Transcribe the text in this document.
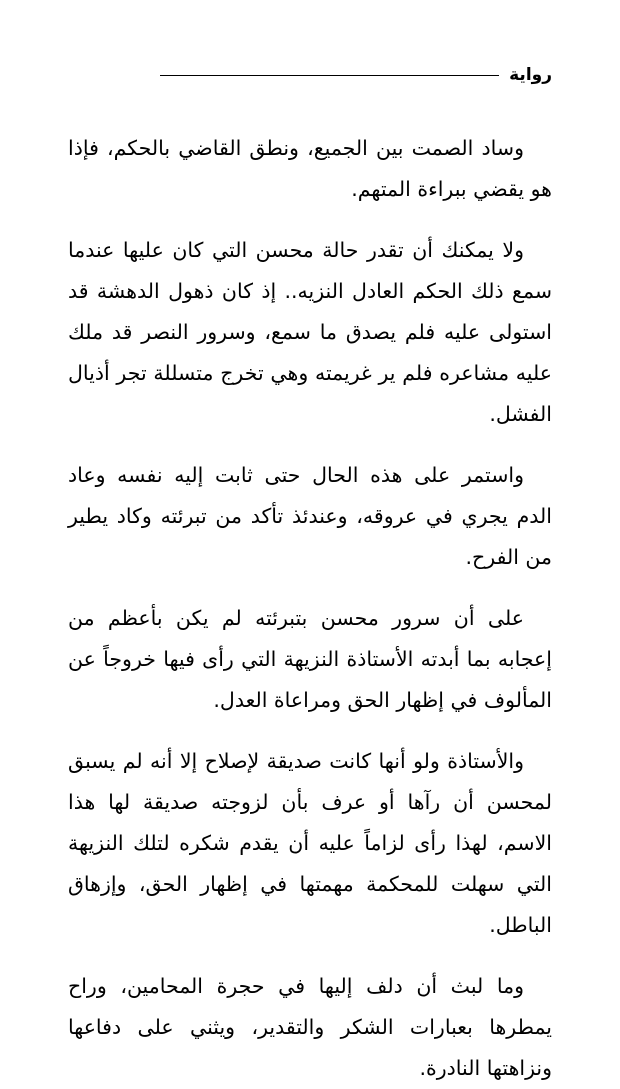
رواية

وساد الصمت بين الجميع، ونطق القاضي بالحكم، فإذا هو يقضي ببراءة المتهم.

ولا يمكنك أن تقدر حالة محسن التي كان عليها عندما سمع ذلك الحكم العادل النزيه.. إذ كان ذهول الدهشة قد استولى عليه فلم يصدق ما سمع، وسرور النصر قد ملك عليه مشاعره فلم ير غريمته وهي تخرج متسللة تجر أذيال الفشل.

واستمر على هذه الحال حتى ثابت إليه نفسه وعاد الدم يجري في عروقه، وعندئذ تأكد من تبرئته وكاد يطير من الفرح.

على أن سرور محسن بتبرئته لم يكن بأعظم من إعجابه بما أبدته الأستاذة النزيهة التي رأى فيها خروجاً عن المألوف في إظهار الحق ومراعاة العدل.

والأستاذة ولو أنها كانت صديقة لإصلاح إلا أنه لم يسبق لمحسن أن رآها أو عرف بأن لزوجته صديقة لها هذا الاسم، لهذا رأى لزاماً عليه أن يقدم شكره لتلك النزيهة التي سهلت للمحكمة مهمتها في إظهار الحق، وإزهاق الباطل.

وما لبث أن دلف إليها في حجرة المحامين، وراح يمطرها بعبارات الشكر والتقدير، ويثني على دفاعها ونزاهتها النادرة.
